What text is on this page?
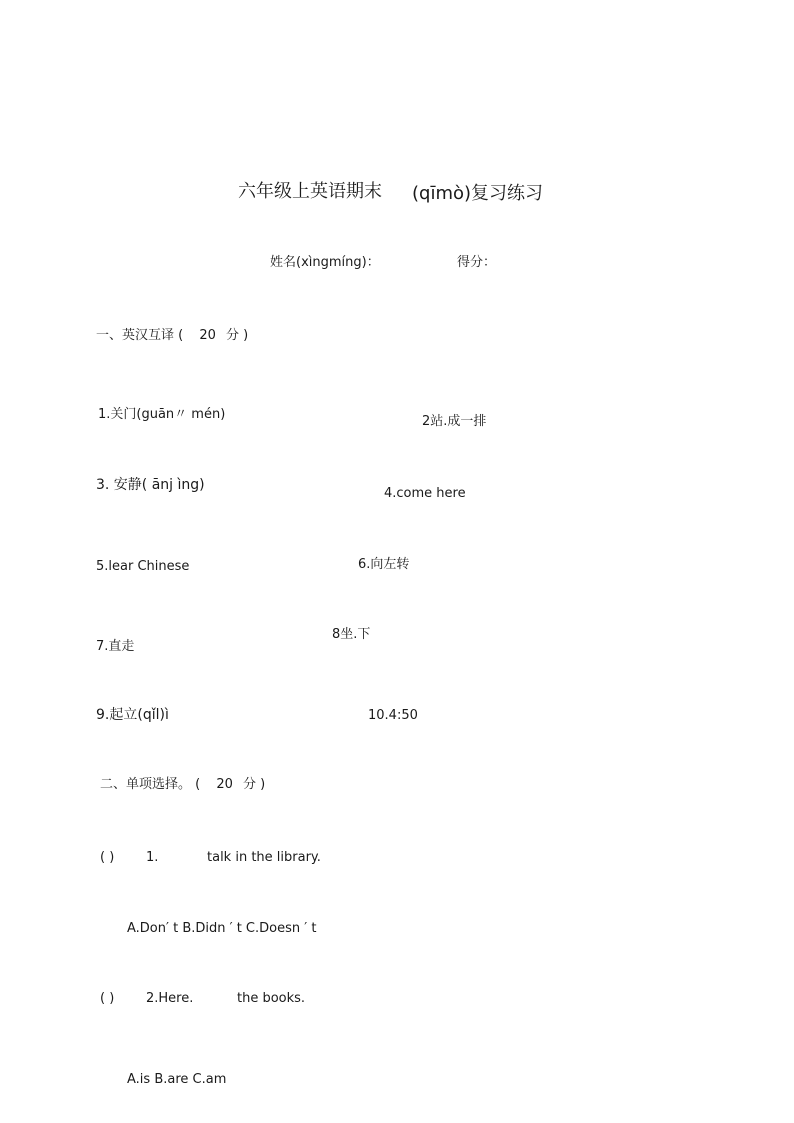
六年级上英语期末 (qīmò)复习练习
姓名(xìngmíng)：	得分：
一、英汉互译 ( 20 分 )
1.关门(guān〃 mén)	2站.成一排
3. 安静( ānj ìng)
4.come here
5.lear Chinese	6.向左转
7.直走
8坐.下
9.起立(qǐl)ì	10.4:50
二、单项选择。 ( 20 分 )
( ) 1.	talk in the library.
A.Don′ t B.Didn ′ t C.Doesn ′ t
( ) 2.Here.	the books.
A.is B.are C.am
